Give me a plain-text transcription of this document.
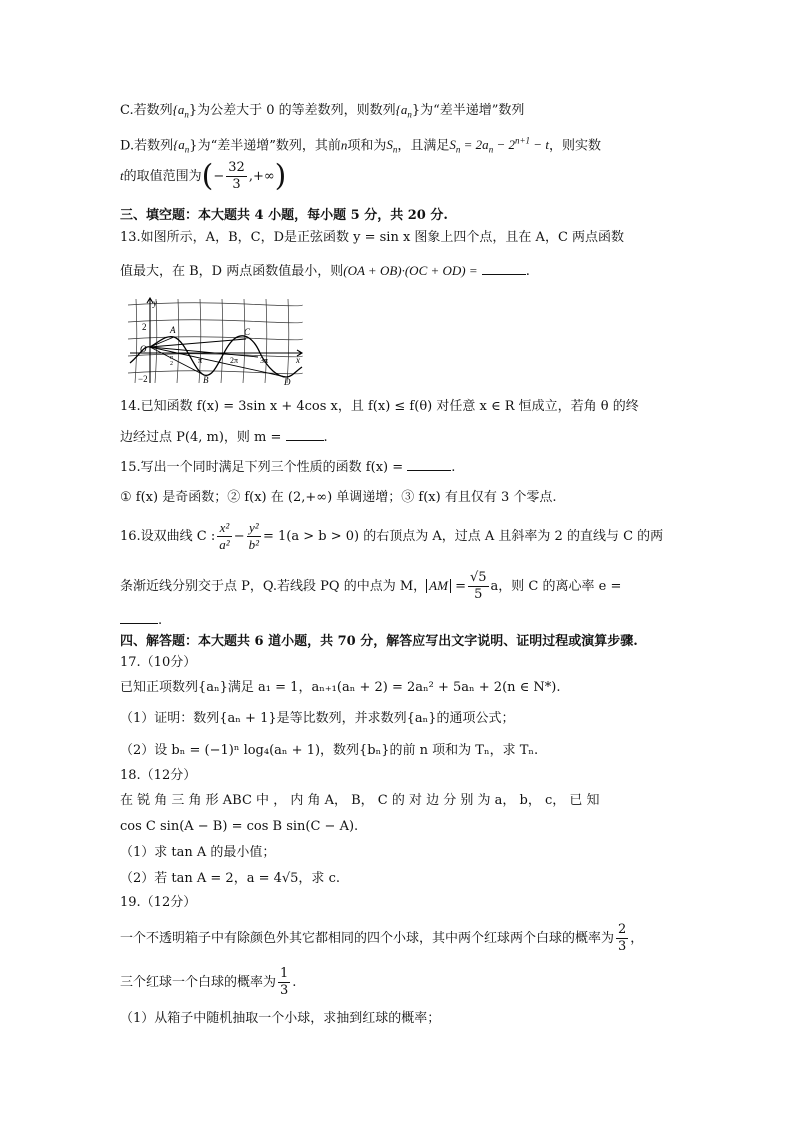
C.若数列$\{a_n\}$为公差大于 0 的等差数列，则数列$\{a_n\}$为“差半递增”数列
D.若数列$\{a_n\}$为“差半递增”数列，其前n项和为$S_n$，且满足$S_n = 2a_n - 2^{n+1} - t$，则实数
t的取值范围为(− $\frac{32}{3}$ ,+∞)
三、填空题：本大题共 4 小题，每小题 5 分，共 20 分.
13.如图所示，A，B，C，D是正弦函数 y = sin x 图象上四个点，且在 A，C 两点函数
值最大，在 B，D 两点函数值最小，则(OA + OB)·(OC + OD) =	.
y
x
O
2
−2
A
B
C
D
π	2π	3π
π
2
14.已知函数 f(x) = 3sin x + 4cos x，且 f(x) ≤ f(θ) 对任意 x ∈ R 恒成立，若角 θ 的终
边经过点 P(4, m)，则 m =	.
15.写出一个同时满足下列三个性质的函数 f(x) =	.
① f(x) 是奇函数；② f(x) 在 (2,+∞) 单调递增；③ f(x) 有且仅有 3 个零点.
16.设双曲线 C : $\frac{\text{x²}}{\text{a²}} - \frac{\text{y²}}{\text{b²}} = 1(a > b > 0)$ 的右顶点为 A，过点 A 且斜率为 2 的直线与 C 的两
条渐近线分别交于点 P，Q.若线段 PQ 的中点为 M， AM = $\frac{√5}{5}$ a，则 C 的离心率 e =
.
四、解答题：本大题共 6 道小题，共 70 分，解答应写出文字说明、证明过程或演算步骤.
17.（10分）
已知正项数列{aₙ}满足 a₁ = 1，aₙ₊₁(aₙ + 2) = 2aₙ² + 5aₙ + 2(n ∈ N*).
（1）证明：数列{aₙ + 1}是等比数列，并求数列{aₙ}的通项公式；
（2）设 bₙ = (−1)ⁿ log₄(aₙ + 1)，数列{bₙ}的前 n 项和为 Tₙ，求 Tₙ.
18.（12分）
在 锐 角 三 角 形 ABC 中 ， 内 角 A， B， C 的 对 边 分 别 为 a， b， c， 已 知
cos C sin(A − B) = cos B sin(C − A).
（1）求 tan A 的最小值；
（2）若 tan A = 2，a = 4√5，求 c.
19.（12分）
一个不透明箱子中有除颜色外其它都相同的四个小球，其中两个红球两个白球的概率为 $\frac{2}{3}$ ，
三个红球一个白球的概率为 $\frac{1}{3}$ .
（1）从箱子中随机抽取一个小球，求抽到红球的概率；
